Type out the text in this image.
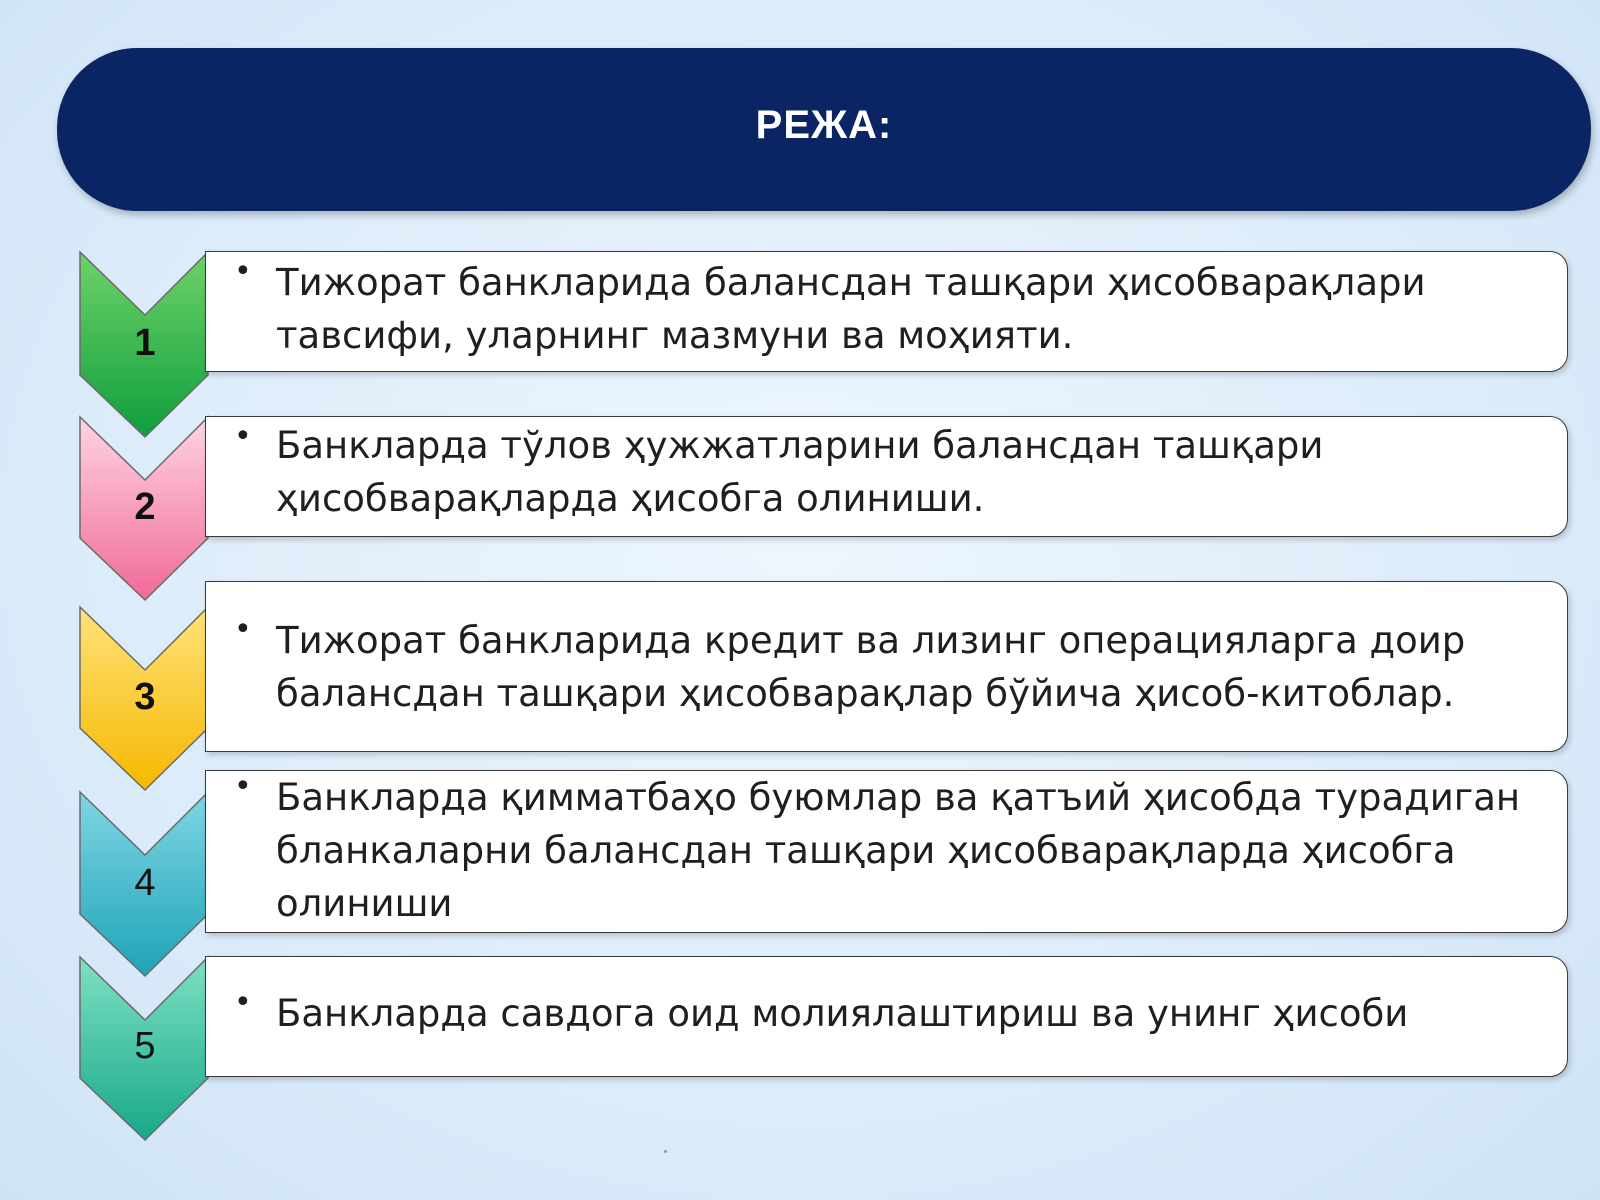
РЕЖА:
1
2
3
4
5
• Тижорат банкларида балансдан ташқари ҳисобварақлари тавсифи, уларнинг мазмуни ва моҳияти.
• Банкларда тўлов ҳужжатларини балансдан ташқари ҳисобварақларда ҳисобга олиниши.
• Тижорат банкларида кредит ва лизинг операцияларга доир балансдан ташқари ҳисобварақлар бўйича ҳисоб-китоблар.
• Банкларда қимматбаҳо буюмлар ва қатъий ҳисобда турадиган бланкаларни балансдан ташқари ҳисобварақларда ҳисобга олиниши
• Банкларда савдога оид молиялаштириш ва унинг ҳисоби
